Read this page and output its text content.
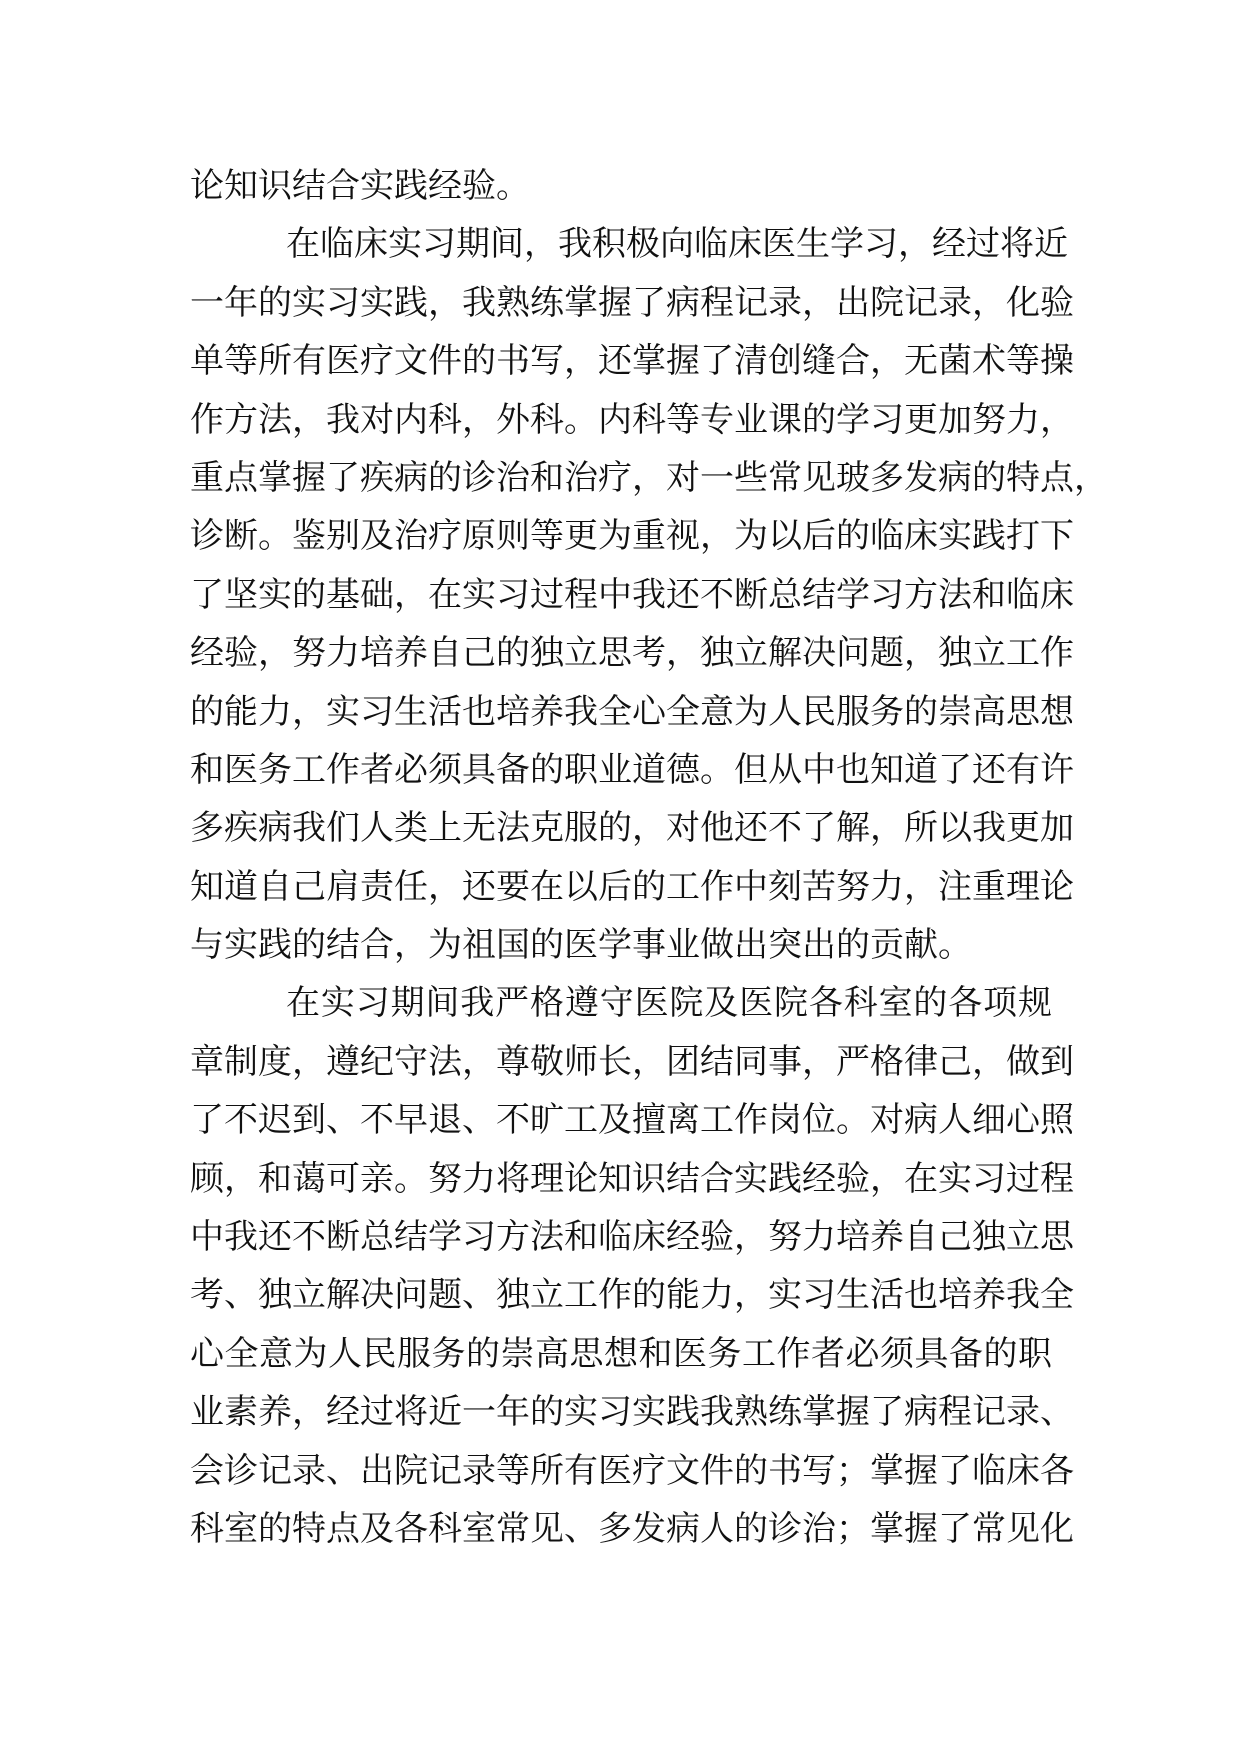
论知识结合实践经验。
在临床实习期间，我积极向临床医生学习，经过将近
一年的实习实践，我熟练掌握了病程记录，出院记录，化验
单等所有医疗文件的书写，还掌握了清创缝合，无菌术等操
作方法，我对内科，外科。内科等专业课的学习更加努力，
重点掌握了疾病的诊治和治疗，对一些常见玻多发病的特点，
诊断。鉴别及治疗原则等更为重视，为以后的临床实践打下
了坚实的基础，在实习过程中我还不断总结学习方法和临床
经验，努力培养自己的独立思考，独立解决问题，独立工作
的能力，实习生活也培养我全心全意为人民服务的崇高思想
和医务工作者必须具备的职业道德。但从中也知道了还有许
多疾病我们人类上无法克服的，对他还不了解，所以我更加
知道自己肩责任，还要在以后的工作中刻苦努力，注重理论
与实践的结合，为祖国的医学事业做出突出的贡献。
在实习期间我严格遵守医院及医院各科室的各项规
章制度，遵纪守法，尊敬师长，团结同事，严格律己，做到
了不迟到、不早退、不旷工及擅离工作岗位。对病人细心照
顾，和蔼可亲。努力将理论知识结合实践经验，在实习过程
中我还不断总结学习方法和临床经验，努力培养自己独立思
考、独立解决问题、独立工作的能力，实习生活也培养我全
心全意为人民服务的崇高思想和医务工作者必须具备的职
业素养，经过将近一年的实习实践我熟练掌握了病程记录、
会诊记录、出院记录等所有医疗文件的书写；掌握了临床各
科室的特点及各科室常见、多发病人的诊治；掌握了常见化
